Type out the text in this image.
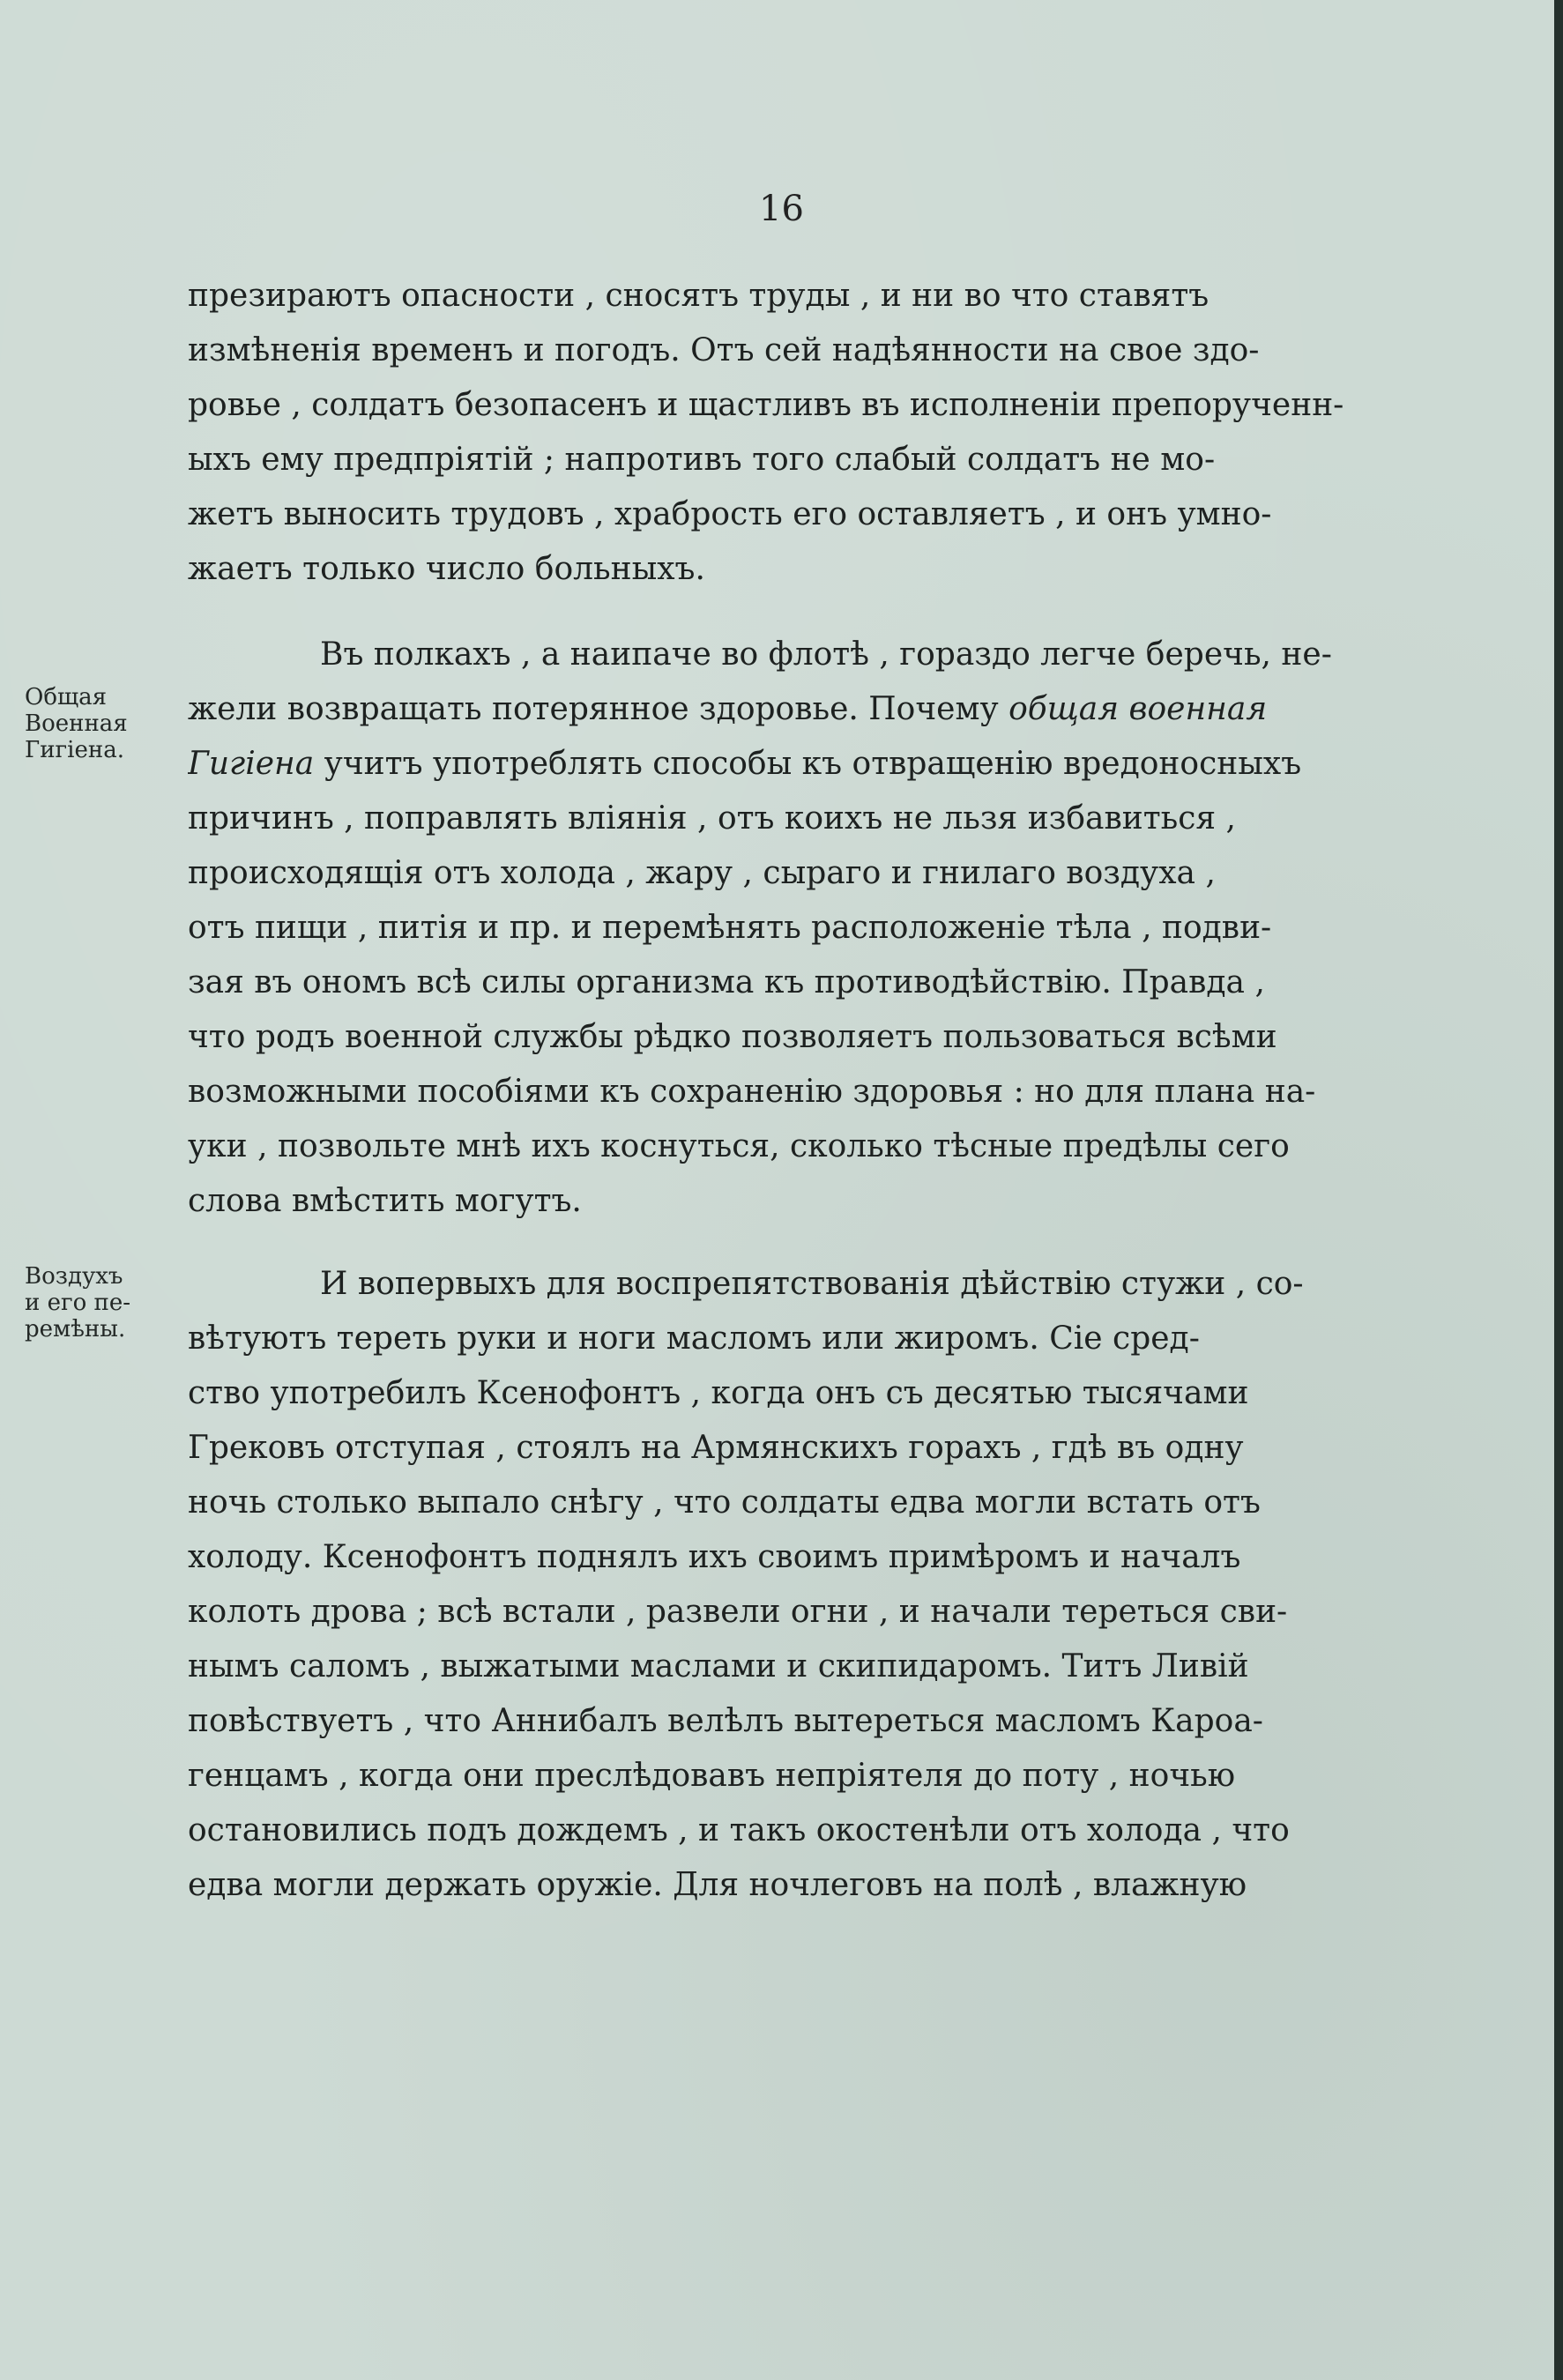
16
презираютъ опасности , сносятъ труды , и ни во что ставятъ
измѣненія временъ и погодъ. Отъ сей надѣянности на свое здо-
ровье , солдатъ безопасенъ и щастливъ въ исполненіи препорученн-
ыхъ ему предпріятій ; напротивъ того слабый солдатъ не мо-
жетъ выносить трудовъ , храбрость его оставляетъ , и онъ умно-
жаетъ только число больныхъ.
Общая
Военная
Гигіена.
Въ полкахъ , а наипаче во флотѣ , гораздо легче беречь, не-
жели возвращать потерянное здоровье. Почему общая военная
Гигіена учитъ употреблять способы къ отвращенію вредоносныхъ
причинъ , поправлять вліянія , отъ коихъ не льзя избавиться ,
происходящія отъ холода , жару , сыраго и гнилаго воздуха ,
отъ пищи , питія и пр. и перемѣнять расположеніе тѣла , подви-
зая въ ономъ всѣ силы организма къ противодѣйствію. Правда ,
что родъ военной службы рѣдко позволяетъ пользоваться всѣми
возможными пособіями къ сохраненію здоровья : но для плана на-
уки , позвольте мнѣ ихъ коснуться, сколько тѣсные предѣлы сего
слова вмѣстить могутъ.
Воздухъ
и его пе-
ремѣны.
И вопервыхъ для воспрепятствованія дѣйствію стужи , со-
вѣтуютъ тереть руки и ноги масломъ или жиромъ. Сіе сред-
ство употребилъ Ксенофонтъ , когда онъ съ десятью тысячами
Грековъ отступая , стоялъ на Армянскихъ горахъ , гдѣ въ одну
ночь столько выпало снѣгу , что солдаты едва могли встать отъ
холоду. Ксенофонтъ поднялъ ихъ своимъ примѣромъ и началъ
колоть дрова ; всѣ встали , развели огни , и начали тереться сви-
нымъ саломъ , выжатыми маслами и скипидаромъ. Титъ Ливій
повѣствуетъ , что Аннибалъ велѣлъ вытереться масломъ Кароа-
генцамъ , когда они преслѣдовавъ непріятеля до поту , ночью
остановились подъ дождемъ , и такъ окостенѣли отъ холода , что
едва могли держать оружіе. Для ночлеговъ на полѣ , влажную
